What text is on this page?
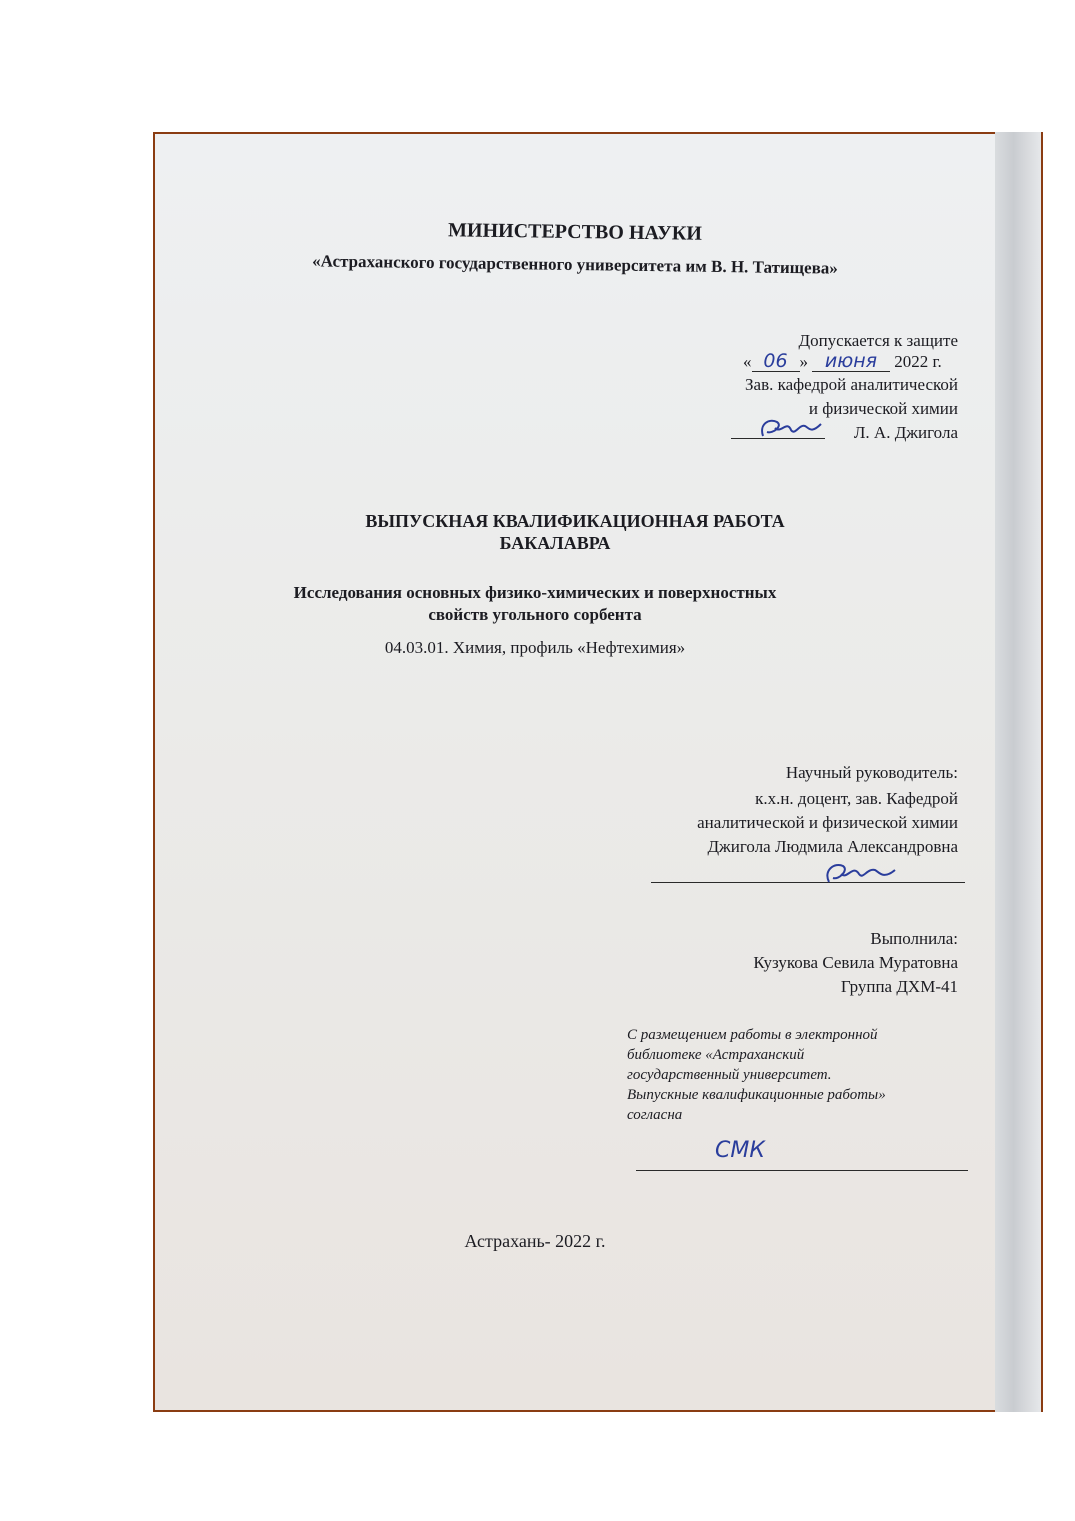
МИНИСТЕРСТВО НАУКИ
«Астраханского государственного университета им В. Н. Татищева»
Допускается к защите
« 06 » июня 2022 г.
Зав. кафедрой аналитической
и физической химии
Л. А. Джигола
ВЫПУСКНАЯ КВАЛИФИКАЦИОННАЯ РАБОТА
БАКАЛАВРА
Исследования основных физико-химических и поверхностных
свойств угольного сорбента
04.03.01. Химия, профиль «Нефтехимия»
Научный руководитель:
к.х.н. доцент, зав. Кафедрой
аналитической и физической химии
Джигола Людмила Александровна
Выполнила:
Кузукова Севила Муратовна
Группа ДХМ-41
С размещением работы в электронной
библиотеке «Астраханский
государственный университет.
Выпускные квалификационные работы»
согласна
СМК
Астрахань- 2022 г.
